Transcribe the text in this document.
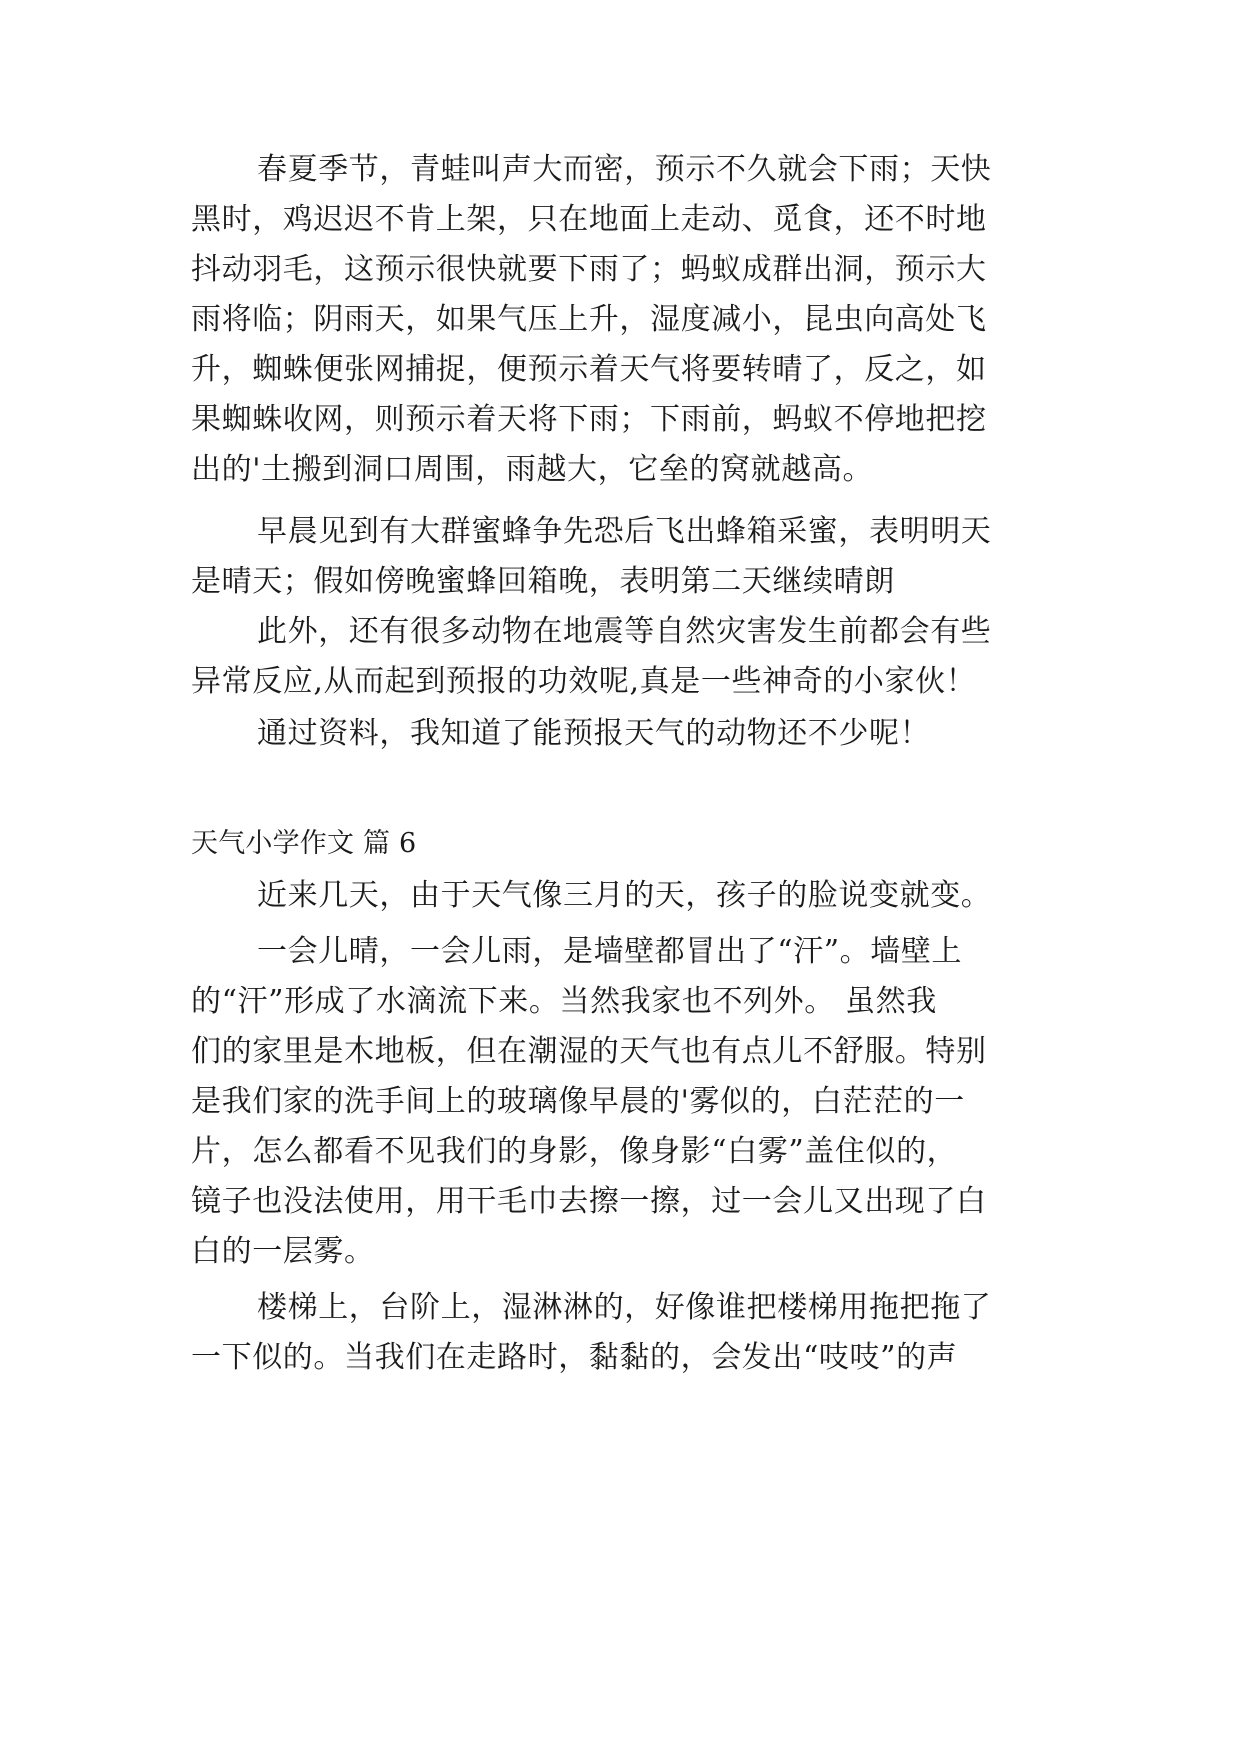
春夏季节，青蛙叫声大而密，预示不久就会下雨；天快
黑时，鸡迟迟不肯上架，只在地面上走动、觅食，还不时地
抖动羽毛，这预示很快就要下雨了；蚂蚁成群出洞，预示大
雨将临；阴雨天，如果气压上升，湿度减小，昆虫向高处飞
升，蜘蛛便张网捕捉，便预示着天气将要转晴了，反之，如
果蜘蛛收网，则预示着天将下雨；下雨前，蚂蚁不停地把挖
出的'土搬到洞口周围，雨越大，它垒的窝就越高。
早晨见到有大群蜜蜂争先恐后飞出蜂箱采蜜，表明明天
是晴天；假如傍晚蜜蜂回箱晚，表明第二天继续晴朗
此外，还有很多动物在地震等自然灾害发生前都会有些
异常反应,从而起到预报的功效呢,真是一些神奇的小家伙！
通过资料，我知道了能预报天气的动物还不少呢！
天气小学作文 篇 6
近来几天，由于天气像三月的天，孩子的脸说变就变。
一会儿晴，一会儿雨，是墙壁都冒出了“汗”。墙壁上
的“汗”形成了水滴流下来。当然我家也不列外。 虽然我
们的家里是木地板，但在潮湿的天气也有点儿不舒服。特别
是我们家的洗手间上的玻璃像早晨的'雾似的，白茫茫的一
片，怎么都看不见我们的身影，像身影“白雾”盖住似的，
镜子也没法使用，用干毛巾去擦一擦，过一会儿又出现了白
白的一层雾。
楼梯上，台阶上，湿淋淋的，好像谁把楼梯用拖把拖了
一下似的。当我们在走路时，黏黏的，会发出“吱吱”的声
